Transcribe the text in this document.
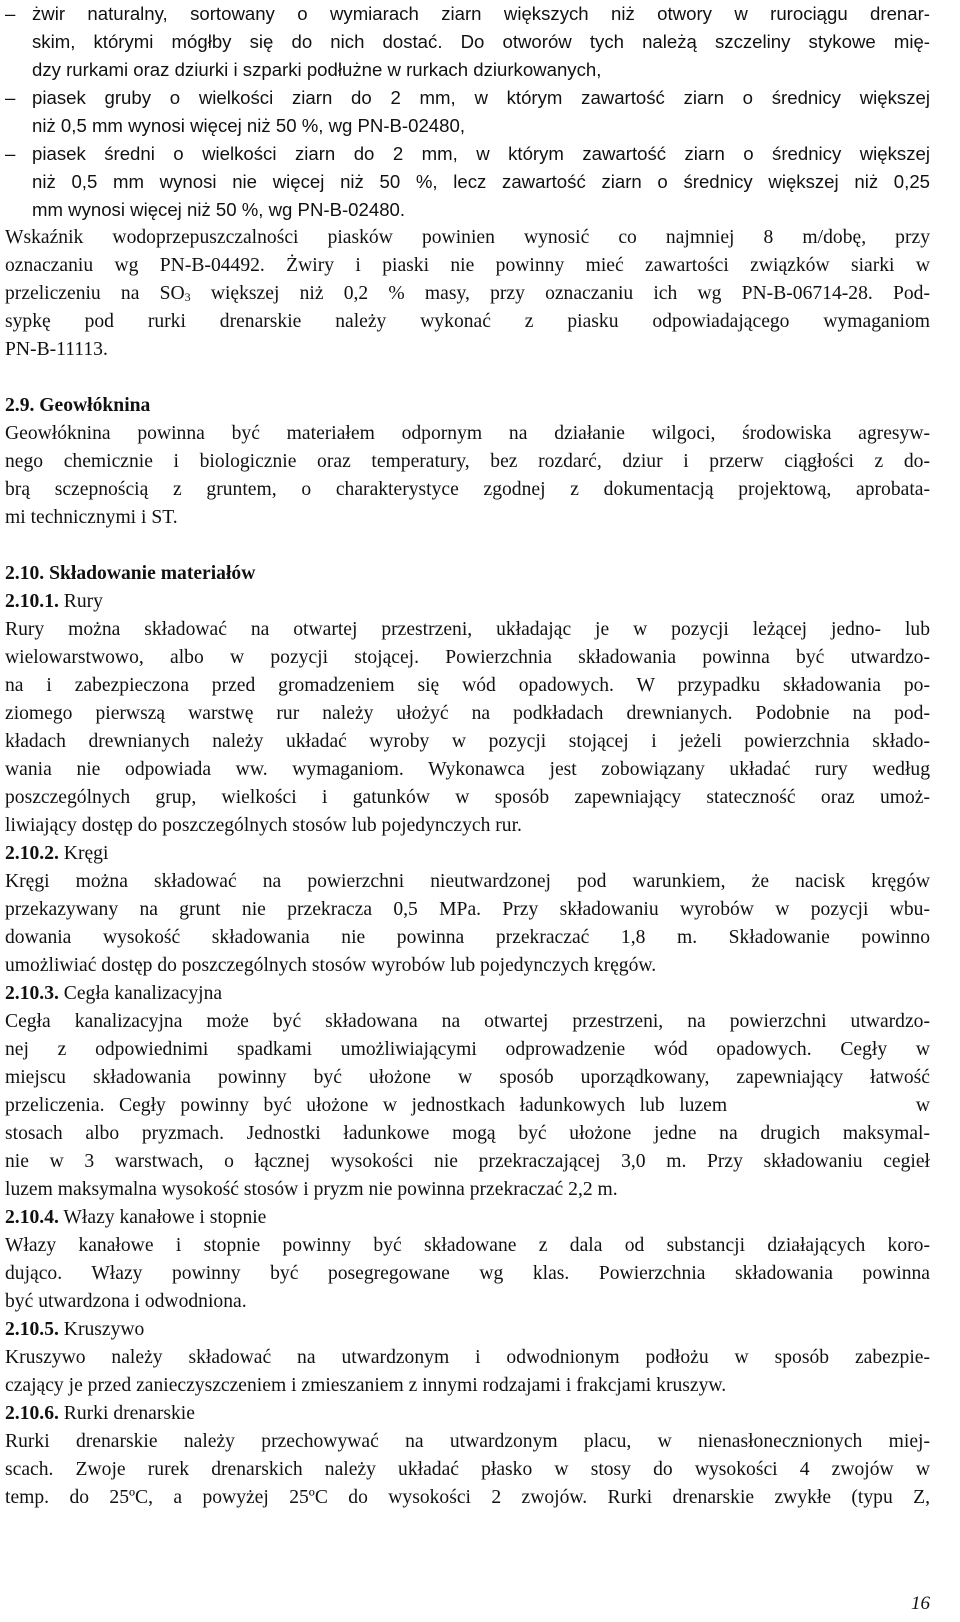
– żwir naturalny, sortowany o wymiarach ziarn większych niż otwory w rurociągu drenar-
skim, którymi mógłby się do nich dostać. Do otworów tych należą szczeliny stykowe mię-
dzy rurkami oraz dziurki i szparki podłużne w rurkach dziurkowanych,
– piasek gruby o wielkości ziarn do 2 mm, w którym zawartość ziarn o średnicy większej
niż 0,5 mm wynosi więcej niż 50 %, wg PN-B-02480,
– piasek średni o wielkości ziarn do 2 mm, w którym zawartość ziarn o średnicy większej
niż 0,5 mm wynosi nie więcej niż 50 %, lecz zawartość ziarn o średnicy większej niż 0,25
mm wynosi więcej niż 50 %, wg PN-B-02480.
Wskaźnik wodoprzepuszczalności piasków powinien wynosić co najmniej 8 m/dobę, przy
oznaczaniu wg PN-B-04492. Żwiry i piaski nie powinny mieć zawartości związków siarki w
przeliczeniu na $SO_3$ większej niż 0,2 % masy, przy oznaczaniu ich wg PN-B-06714-28. Pod-
sypkę pod rurki drenarskie należy wykonać z piasku odpowiadającego wymaganiom
PN-B-11113.
2.9. Geowłóknina
Geowłóknina powinna być materiałem odpornym na działanie wilgoci, środowiska agresyw-
nego chemicznie i biologicznie oraz temperatury, bez rozdarć, dziur i przerw ciągłości z do-
brą sczepnością z gruntem, o charakterystyce zgodnej z dokumentacją projektową, aprobata-
mi technicznymi i ST.
2.10. Składowanie materiałów
2.10.1. Rury
Rury można składować na otwartej przestrzeni, układając je w pozycji leżącej jedno- lub
wielowarstwowo, albo w pozycji stojącej. Powierzchnia składowania powinna być utwardzo-
na i zabezpieczona przed gromadzeniem się wód opadowych. W przypadku składowania po-
ziomego pierwszą warstwę rur należy ułożyć na podkładach drewnianych. Podobnie na pod-
kładach drewnianych należy układać wyroby w pozycji stojącej i jeżeli powierzchnia składo-
wania nie odpowiada ww. wymaganiom. Wykonawca jest zobowiązany układać rury według
poszczególnych grup, wielkości i gatunków w sposób zapewniający stateczność oraz umoż-
liwiający dostęp do poszczególnych stosów lub pojedynczych rur.
2.10.2. Kręgi
Kręgi można składować na powierzchni nieutwardzonej pod warunkiem, że nacisk kręgów
przekazywany na grunt nie przekracza 0,5 MPa. Przy składowaniu wyrobów w pozycji wbu-
dowania wysokość składowania nie powinna przekraczać 1,8 m. Składowanie powinno
umożliwiać dostęp do poszczególnych stosów wyrobów lub pojedynczych kręgów.
2.10.3. Cegła kanalizacyjna
Cegła kanalizacyjna może być składowana na otwartej przestrzeni, na powierzchni utwardzo-
nej z odpowiednimi spadkami umożliwiającymi odprowadzenie wód opadowych. Cegły w
miejscu składowania powinny być ułożone w sposób uporządkowany, zapewniający łatwość
przeliczenia. Cegły powinny być ułożone w jednostkach ładunkowych lub luzem             w
stosach albo pryzmach. Jednostki ładunkowe mogą być ułożone jedne na drugich maksymal-
nie w 3 warstwach, o łącznej wysokości nie przekraczającej 3,0 m. Przy składowaniu cegieł
luzem maksymalna wysokość stosów i pryzm nie powinna przekraczać 2,2 m.
2.10.4. Włazy kanałowe i stopnie
Włazy kanałowe i stopnie powinny być składowane z dala od substancji działających koro-
dująco. Włazy powinny być posegregowane wg klas. Powierzchnia składowania powinna
być utwardzona i odwodniona.
2.10.5. Kruszywo
Kruszywo należy składować na utwardzonym i odwodnionym podłożu w sposób zabezpie-
czający je przed zanieczyszczeniem i zmieszaniem z innymi rodzajami i frakcjami kruszyw.
2.10.6. Rurki drenarskie
Rurki drenarskie należy przechowywać na utwardzonym placu, w nienasłonecznionych miej-
scach. Zwoje rurek drenarskich należy układać płasko w stosy do wysokości 4 zwojów w
temp. do 25ºC, a powyżej 25ºC do wysokości 2 zwojów. Rurki drenarskie zwykłe (typu Z,
16
